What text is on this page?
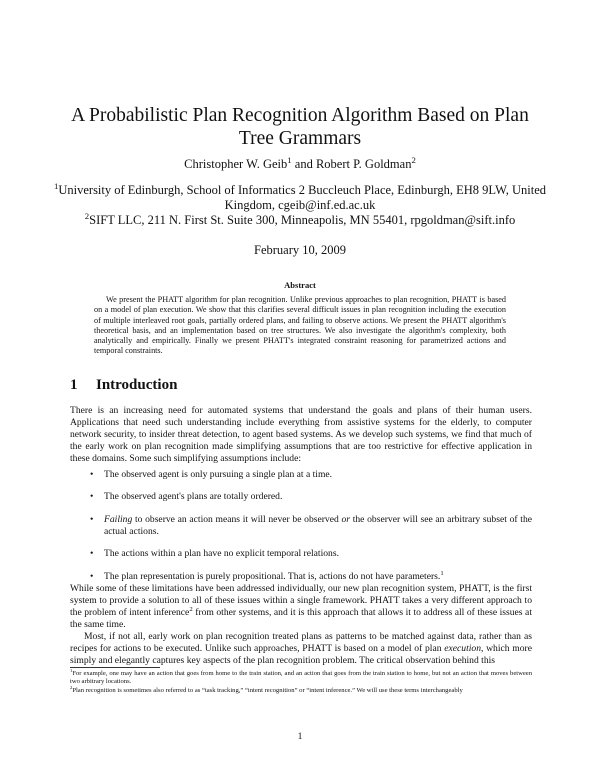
A Probabilistic Plan Recognition Algorithm Based on Plan Tree Grammars
Christopher W. Geib$^1$ and Robert P. Goldman$^2$

$^1$University of Edinburgh, School of Informatics 2 Buccleuch Place, Edinburgh, EH8 9LW, United Kingdom, cgeib@inf.ed.ac.uk

$^2$SIFT LLC, 211 N. First St. Suite 300, Minneapolis, MN 55401, rpgoldman@sift.info

February 10, 2009
Abstract
We present the PHATT algorithm for plan recognition. Unlike previous approaches to plan recognition, PHATT is based on a model of plan execution. We show that this clarifies several difficult issues in plan recognition including the execution of multiple interleaved root goals, partially ordered plans, and failing to observe actions. We present the PHATT algorithm's theoretical basis, and an implementation based on tree structures. We also investigate the algorithm's complexity, both analytically and empirically. Finally we present PHATT's integrated constraint reasoning for parametrized actions and temporal constraints.
1 Introduction
There is an increasing need for automated systems that understand the goals and plans of their human users. Applications that need such understanding include everything from assistive systems for the elderly, to computer network security, to insider threat detection, to agent based systems. As we develop such systems, we find that much of the early work on plan recognition made simplifying assumptions that are too restrictive for effective application in these domains. Some such simplifying assumptions include:
• The observed agent is only pursuing a single plan at a time.
• The observed agent's plans are totally ordered.
• Failing to observe an action means it will never be observed or the observer will see an arbitrary subset of the actual actions.
• The actions within a plan have no explicit temporal relations.
• The plan representation is purely propositional. That is, actions do not have parameters.$^1$
While some of these limitations have been addressed individually, our new plan recognition system, PHATT, is the first system to provide a solution to all of these issues within a single framework. PHATT takes a very different approach to the problem of intent inference$^2$ from other systems, and it is this approach that allows it to address all of these issues at the same time.
Most, if not all, early work on plan recognition treated plans as patterns to be matched against data, rather than as recipes for actions to be executed. Unlike such approaches, PHATT is based on a model of plan execution, which more simply and elegantly captures key aspects of the plan recognition problem. The critical observation behind this
$^1$For example, one may have an action that goes from home to the train station, and an action that goes from the train station to home, but not an action that moves between two arbitrary locations.
$^2$Plan recognition is sometimes also referred to as “task tracking,” “intent recognition” or “intent inference.” We will use these terms interchangeably
1
